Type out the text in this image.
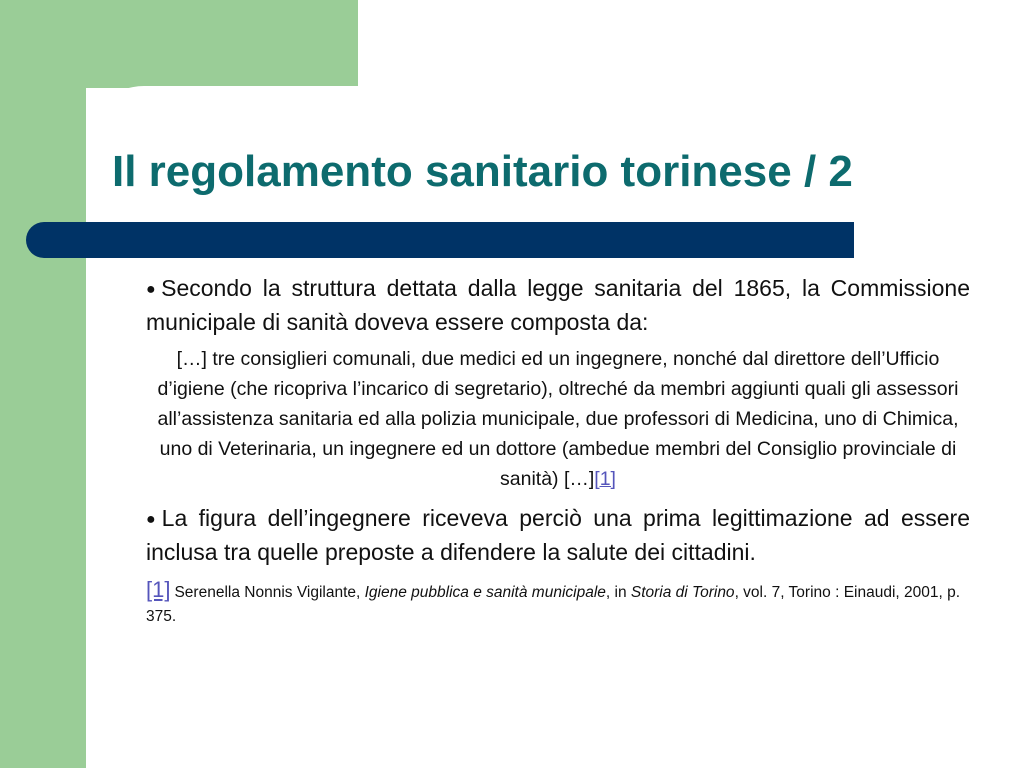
Il regolamento sanitario torinese / 2

●Secondo la struttura dettata dalla legge sanitaria del 1865, la Commissione municipale di sanità doveva essere composta da:

[…] tre consiglieri comunali, due medici ed un ingegnere, nonché dal direttore dell’Ufficio d’igiene (che ricopriva l’incarico di segretario), oltreché da membri aggiunti quali gli assessori all’assistenza sanitaria ed alla polizia municipale, due professori di Medicina, uno di Chimica, uno di Veterinaria, un ingegnere ed un dottore (ambedue membri del Consiglio provinciale di sanità) […][1]

●La figura dell’ingegnere riceveva perciò una prima legittimazione ad essere inclusa tra quelle preposte a difendere la salute dei cittadini.

[1] Serenella Nonnis Vigilante, Igiene pubblica e sanità municipale, in Storia di Torino, vol. 7, Torino : Einaudi, 2001, p. 375.
